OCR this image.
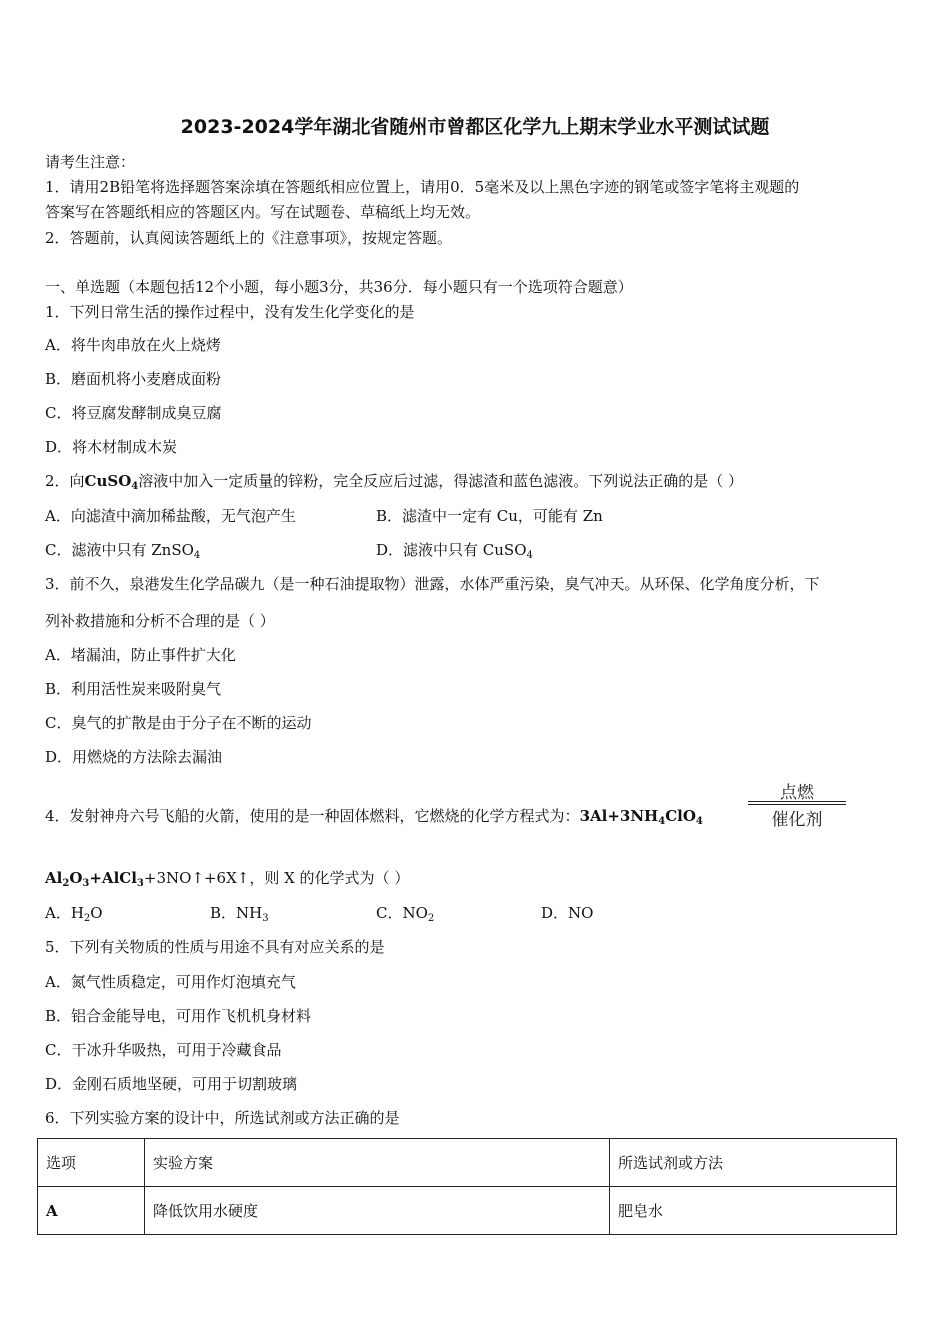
2023-2024学年湖北省随州市曾都区化学九上期末学业水平测试试题
请考生注意：
1．请用2B铅笔将选择题答案涂填在答题纸相应位置上，请用0．5毫米及以上黑色字迹的钢笔或签字笔将主观题的
答案写在答题纸相应的答题区内。写在试题卷、草稿纸上均无效。
2．答题前，认真阅读答题纸上的《注意事项》，按规定答题。
一、单选题（本题包括12个小题，每小题3分，共36分．每小题只有一个选项符合题意）
1．下列日常生活的操作过程中，没有发生化学变化的是
A．将牛肉串放在火上烧烤
B．磨面机将小麦磨成面粉
C．将豆腐发酵制成臭豆腐
D．将木材制成木炭
2．向CuSO$_4$溶液中加入一定质量的锌粉，完全反应后过滤，得滤渣和蓝色滤液。下列说法正确的是（ ）
A．向滤渣中滴加稀盐酸，无气泡产生	B．滤渣中一定有 Cu，可能有 Zn
C．滤液中只有 ZnSO$_4$	D．滤液中只有 CuSO$_4$
3．前不久，泉港发生化学品碳九（是一种石油提取物）泄露，水体严重污染，臭气冲天。从环保、化学角度分析，下
列补救措施和分析不合理的是（ ）
A．堵漏油，防止事件扩大化
B．利用活性炭来吸附臭气
C．臭气的扩散是由于分子在不断的运动
D．用燃烧的方法除去漏油
4．发射神舟六号飞船的火箭，使用的是一种固体燃料，它燃烧的化学方程式为：$3Al+3NH_4ClO_4$
点燃
催化剂
$Al_2O_3+AlCl_3+3NO↑+6X↑$，则 X 的化学式为（ ）
A．$H_2O$	B．$NH_3$	C．$NO_2$	D．NO
5．下列有关物质的性质与用途不具有对应关系的是
A．氮气性质稳定，可用作灯泡填充气
B．铝合金能导电，可用作飞机机身材料
C．干冰升华吸热，可用于冷藏食品
D．金刚石质地坚硬，可用于切割玻璃
6．下列实验方案的设计中，所选试剂或方法正确的是
选项	实验方案	所选试剂或方法
A	降低饮用水硬度	肥皂水
